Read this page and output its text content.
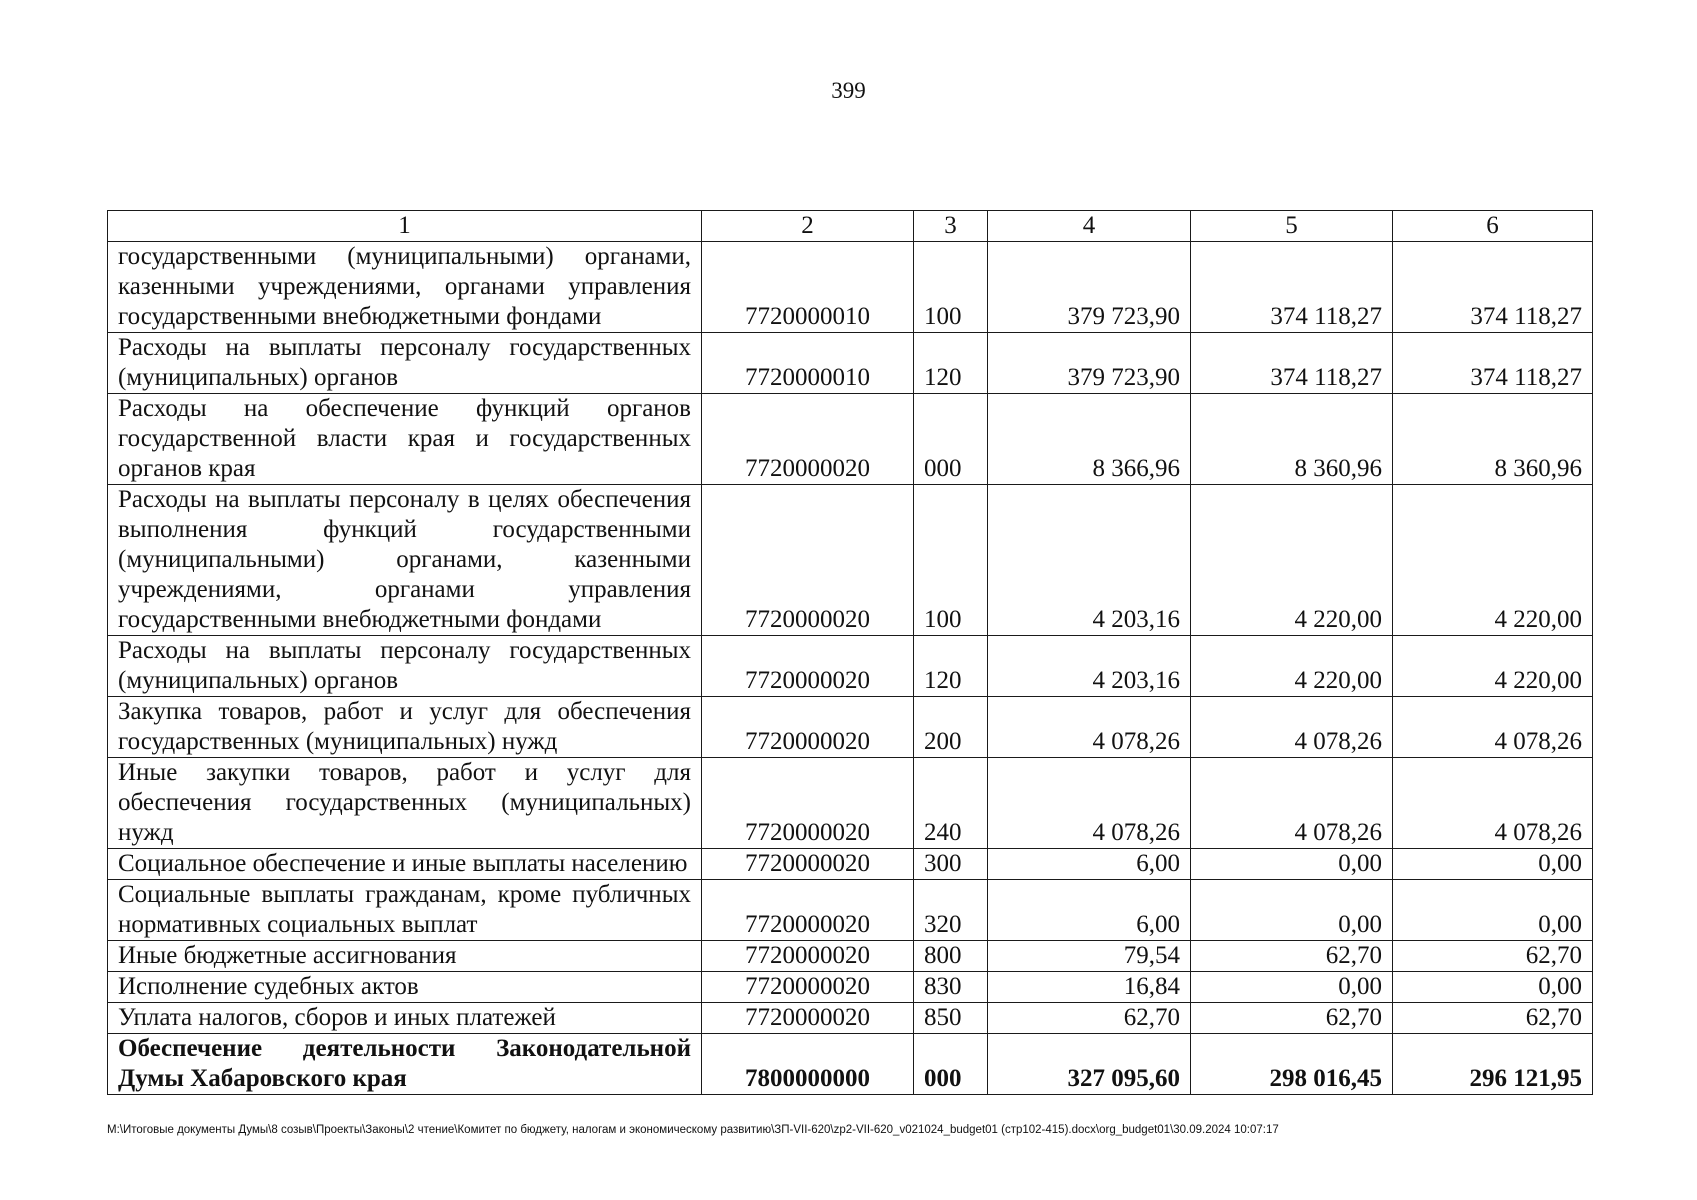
399
1	2	3	4	5	6
государственными (муниципальными) органами, казенными учреждениями, органами управления государственными внебюджетными фондами	7720000010	100	379 723,90	374 118,27	374 118,27
Расходы на выплаты персоналу государственных (муниципальных) органов	7720000010	120	379 723,90	374 118,27	374 118,27
Расходы на обеспечение функций органов государственной власти края и государственных органов края	7720000020	000	8 366,96	8 360,96	8 360,96
Расходы на выплаты персоналу в целях обеспечения выполнения функций государственными (муниципальными) органами, казенными учреждениями, органами управления государственными внебюджетными фондами	7720000020	100	4 203,16	4 220,00	4 220,00
Расходы на выплаты персоналу государственных (муниципальных) органов	7720000020	120	4 203,16	4 220,00	4 220,00
Закупка товаров, работ и услуг для обеспечения государственных (муниципальных) нужд	7720000020	200	4 078,26	4 078,26	4 078,26
Иные закупки товаров, работ и услуг для обеспечения государственных (муниципальных) нужд	7720000020	240	4 078,26	4 078,26	4 078,26
Социальное обеспечение и иные выплаты населению	7720000020	300	6,00	0,00	0,00
Социальные выплаты гражданам, кроме публичных нормативных социальных выплат	7720000020	320	6,00	0,00	0,00
Иные бюджетные ассигнования	7720000020	800	79,54	62,70	62,70
Исполнение судебных актов	7720000020	830	16,84	0,00	0,00
Уплата налогов, сборов и иных платежей	7720000020	850	62,70	62,70	62,70
Обеспечение деятельности Законодательной Думы Хабаровского края	7800000000	000	327 095,60	298 016,45	296 121,95
M:\Итоговые документы Думы\8 созыв\Проекты\Законы\2 чтение\Комитет по бюджету, налогам и экономическому развитию\ЗП-VII-620\zp2-VII-620_v021024_budget01 (стр102-415).docx\org_budget01\30.09.2024 10:07:17
